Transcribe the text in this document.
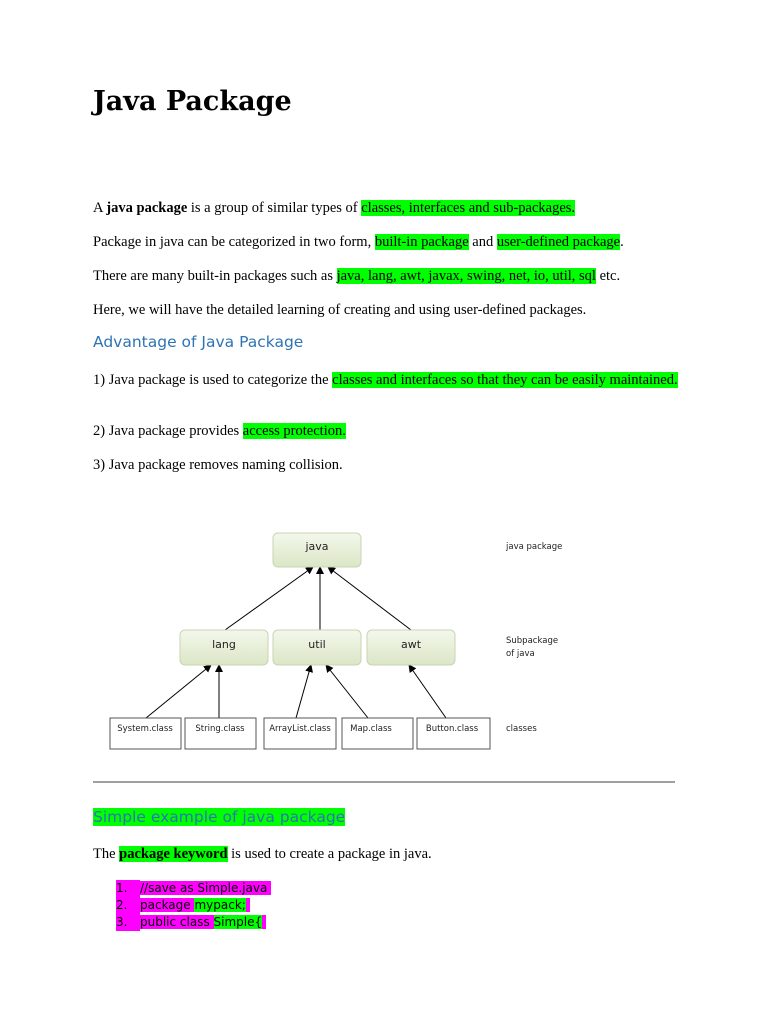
Java Package

A java package is a group of similar types of classes, interfaces and sub-packages.

Package in java can be categorized in two form, built-in package and user-defined package.

There are many built-in packages such as java, lang, awt, javax, swing, net, io, util, sql etc.

Here, we will have the detailed learning of creating and using user-defined packages.

Advantage of Java Package

1) Java package is used to categorize the classes and interfaces so that they can be easily maintained.

2) Java package provides access protection.

3) Java package removes naming collision.

java
lang	util	awt
System.class	String.class	ArrayList.class Map.class	Button.class
java package
Subpackage
of java
classes
Simple example of java package

The package keyword is used to create a package in java.

1. //save as Simple.java
2. package mypack;
3. public class Simple{
